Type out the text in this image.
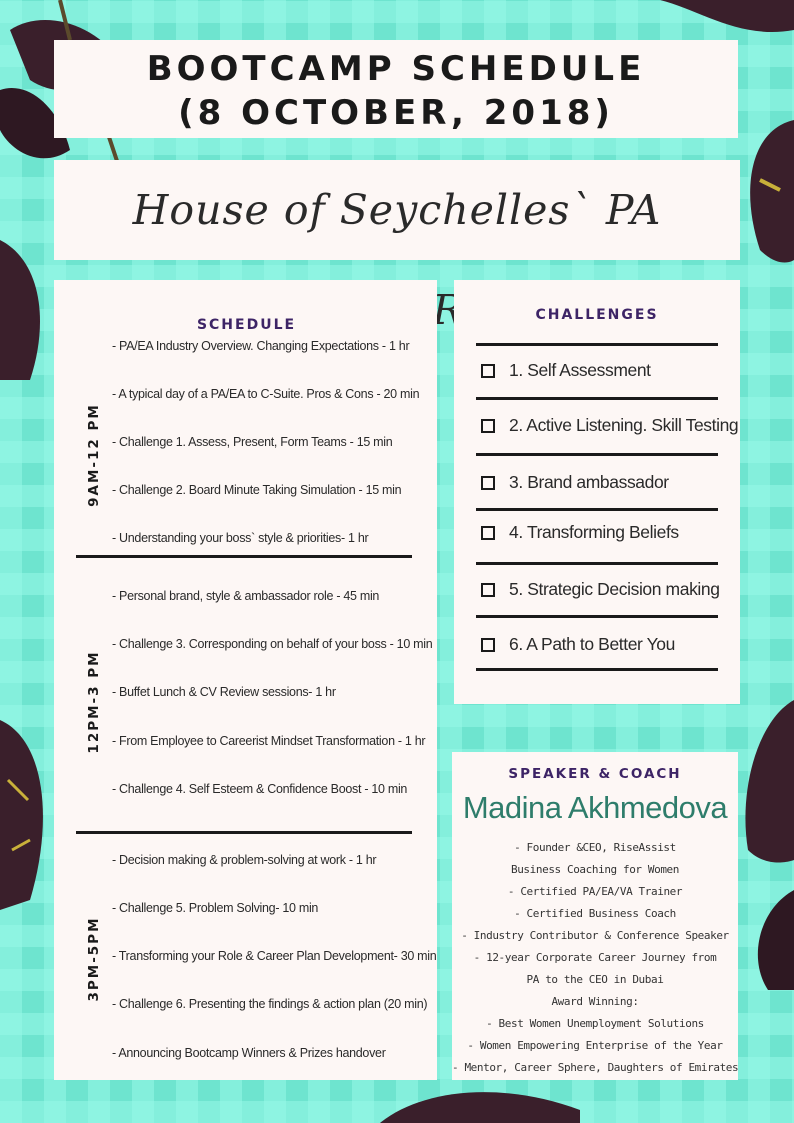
BOOTCAMP SCHEDULE
(8 OCTOBER, 2018)
House of Seychelles` PA
SCHEDULE
9AM-12 PM
- PA/EA Industry Overview. Changing Expectations - 1 hr
- A typical day of a PA/EA to C-Suite. Pros & Cons - 20 min
- Challenge 1. Assess, Present, Form Teams - 15 min
- Challenge 2. Board Minute Taking Simulation - 15 min
- Understanding your boss` style & priorities- 1 hr
12PM-3 PM
- Personal brand, style & ambassador role - 45 min
- Challenge 3. Corresponding on behalf of your boss - 10 min
- Buffet Lunch & CV Review sessions- 1 hr
- From Employee to Careerist Mindset Transformation - 1 hr
- Challenge 4. Self Esteem & Confidence Boost - 10 min
3PM-5PM
- Decision making & problem-solving at work - 1 hr
- Challenge 5. Problem Solving- 10 min
- Transforming your Role & Career Plan Development- 30 min
- Challenge 6. Presenting the findings & action plan (20 min)
- Announcing Bootcamp Winners & Prizes handover
CHALLENGES
1. Self Assessment
2. Active Listening. Skill Testing
3. Brand ambassador
4. Transforming Beliefs
5. Strategic Decision making
6. A Path to Better You
SPEAKER & COACH
Madina Akhmedova
- Founder &CEO, RiseAssist
Business Coaching for Women
- Certified PA/EA/VA Trainer
- Certified Business Coach
- Industry Contributor & Conference Speaker
- 12-year Corporate Career Journey from
PA to the CEO in Dubai
Award Winning:
- Best Women Unemployment Solutions
- Women Empowering Enterprise of the Year
- Mentor, Career Sphere, Daughters of Emirates
